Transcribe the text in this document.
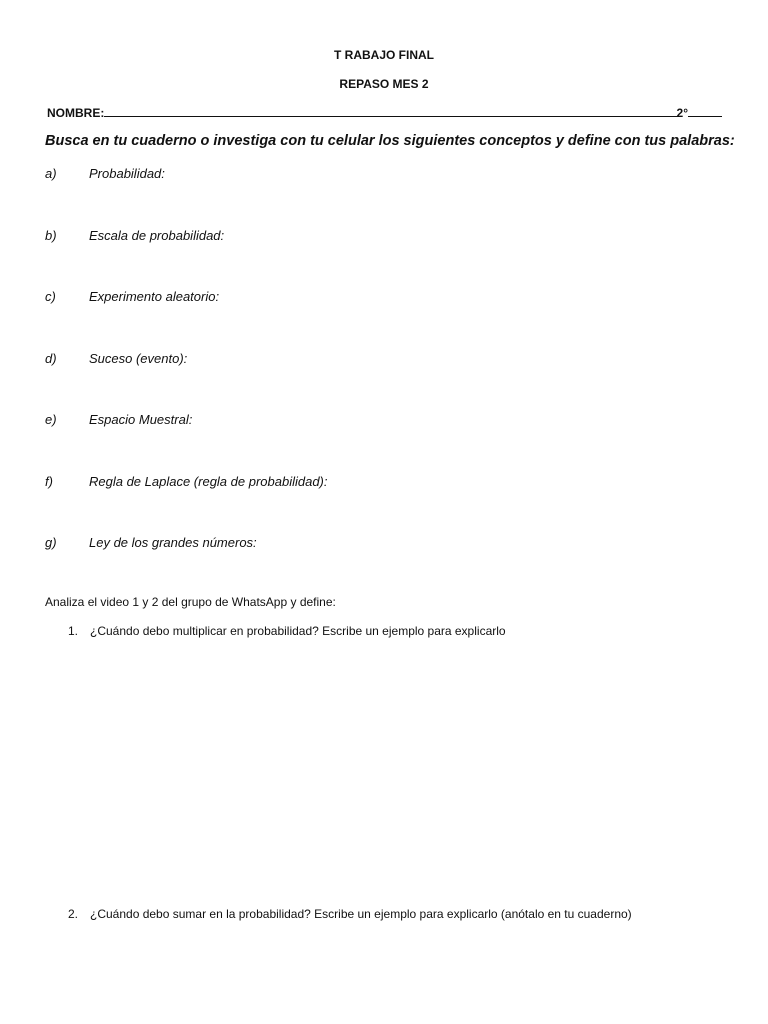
T RABAJO FINAL
REPASO MES 2
NOMBRE:	2°
Busca en tu cuaderno o investiga con tu celular los siguientes conceptos y define con tus palabras:
a) Probabilidad:
b) Escala de probabilidad:
c)	Experimento aleatorio:
d) Suceso (evento):
e) Espacio Muestral:
f)	Regla de Laplace (regla de probabilidad):
g) Ley de los grandes números:
Analiza el video 1 y 2 del grupo de WhatsApp y define:
1. ¿Cuándo debo multiplicar en probabilidad? Escribe un ejemplo para explicarlo
2. ¿Cuándo debo sumar en la probabilidad? Escribe un ejemplo para explicarlo (anótalo en tu cuaderno)
